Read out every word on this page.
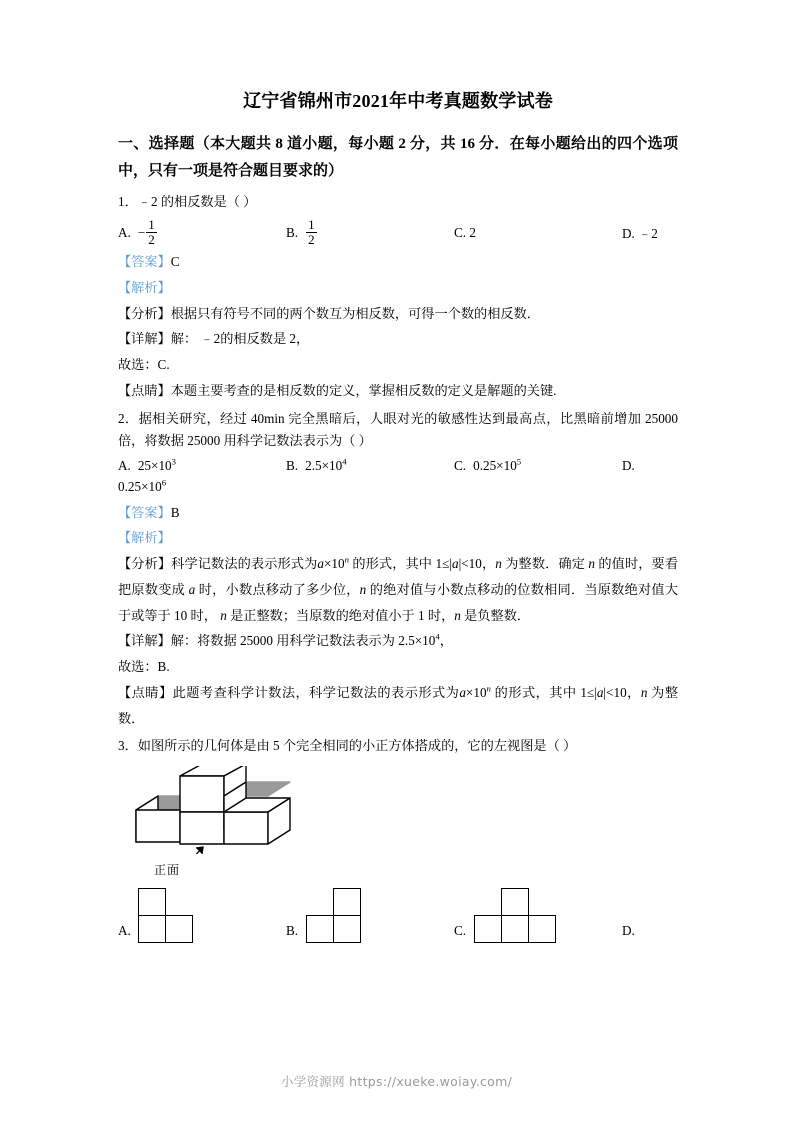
辽宁省锦州市2021年中考真题数学试卷
一、选择题（本大题共 8 道小题，每小题 2 分，共 16 分．在每小题给出的四个选项中，只有一项是符合题目要求的）
1．﹣2 的相反数是（ ）
A. − $\frac{1}{2}$	B. $\frac{1}{2}$	C. 2	D. ﹣2
【答案】C
【解析】
【分析】根据只有符号不同的两个数互为相反数，可得一个数的相反数．
【详解】解： ﹣2的相反数是 2，
故选：C.
【点睛】本题主要考查的是相反数的定义，掌握相反数的定义是解题的关键.
2．据相关研究，经过 40min 完全黑暗后，人眼对光的敏感性达到最高点，比黑暗前增加 25000 倍，将数据 25000 用科学记数法表示为（ ）
A. $25\times 10^3$	B. $2.5\times 10^4$	C. $0.25\times 10^5$	D.
$0.25\times 10^6$
【答案】B
【解析】
【分析】科学记数法的表示形式为$a\times 10^n$ 的形式，其中 1≤|a|<10，n 为整数．确定 n 的值时，要看把原数变成 a 时，小数点移动了多少位，n 的绝对值与小数点移动的位数相同．当原数绝对值大于或等于 10 时， n 是正整数；当原数的绝对值小于 1 时，n 是负整数．
【详解】解：将数据 25000 用科学记数法表示为 $2.5\times 10^4$，
故选：B.
【点睛】此题考查科学计数法，科学记数法的表示形式为$a\times 10^n$ 的形式，其中 1≤|a|<10，n 为整数．
3．如图所示的几何体是由 5 个完全相同的小正方体搭成的，它的左视图是（ ）
正面
A.	B.	C.	D.
小学资源网 https://xueke.woiay.com/
